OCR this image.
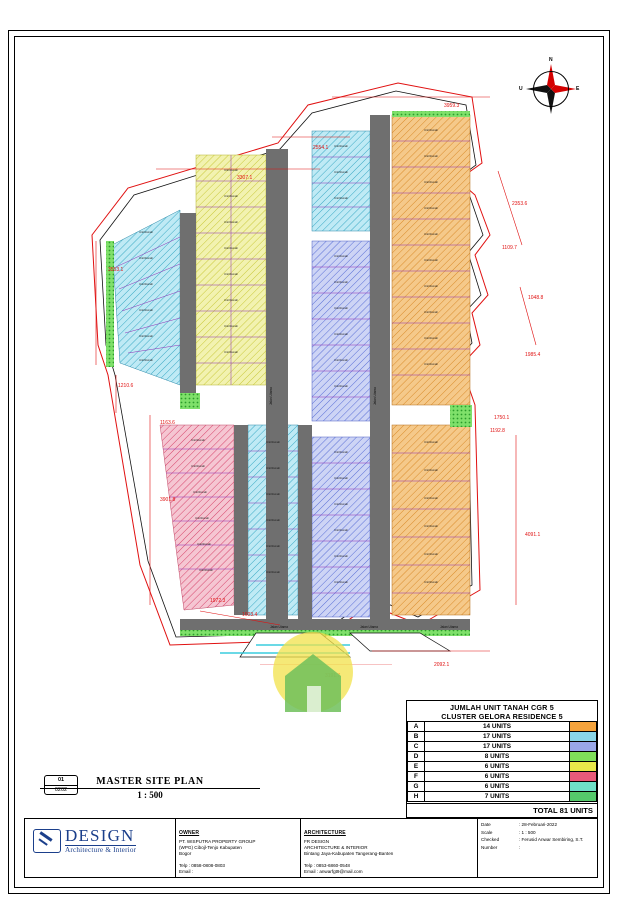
N
U	E
Unit Rumah
Unit Rumah
Unit Rumah
Unit Rumah
Unit Rumah
Unit Rumah
Unit Rumah
Unit Rumah
Unit Rumah
Unit Rumah
Unit Rumah
Unit Rumah
Unit Rumah
Unit Rumah
Unit Rumah
Unit Rumah
Unit Rumah
Unit Rumah
Unit Rumah
Unit Rumah
Unit Rumah
Unit Rumah
Unit Rumah
Unit Rumah
Unit Rumah
Unit Rumah
Unit Rumah
Unit Rumah
Unit Rumah
Unit Rumah
Unit Rumah
Unit Rumah
Unit Rumah
Unit Rumah
Unit Rumah
Unit Rumah
Unit Rumah
Unit Rumah
Unit Rumah
Unit Rumah
Unit Rumah
Unit Rumah
Unit Rumah
Unit Rumah
Unit Rumah
Unit Rumah
Unit Rumah
Unit Rumah
Unit Rumah
Unit Rumah
Unit Rumah
Unit Rumah
Unit Rumah
Unit Rumah
Unit Rumah
Unit Rumah
Unit Rumah
Jalan Utama	Jalan Utama
Jalan Utama	Jalan Utama	Jalan Utama
3959.3
2554.1
3307.1
2353.6
1109.7
1048.8
3553.1
1985.4
1210.6
1163.6
1750.1
1192.8
3901.8
4091.1
1972.3
1603.4
2092.1
JUMLAH UNIT TANAH CGR 5
CLUSTER GELORA RESIDENCE 5
A	14 UNITS	
B	17 UNITS	
C	17 UNITS	
D	8 UNITS	
E	6 UNITS	
F	6 UNITS	
G	6 UNITS	
H	7 UNITS	
TOTAL 81 UNITS
01
0202
MASTER SITE PLAN
1 : 500
DESIGN
Architecture & Interior
OWNER
PT. WISPUTRA PROPERTY GROUP
(WPG) Cibojl-Tenjo Kabupaten
Bogor

Telp : 0858-0808-0803
Email :
ARCHITECTURE
FR DESIGN
ARCHITECTURE & INTERIOR
Bintang Jaya-Kabupaten Tangerang-Banten

Telp : 0853-6860-0548
Email : anwarfgt9@mail.com
Date	: 28-Februari-2022
Scale	: 1 : 500
Checked	: Ferusid Anwar Sembiring, S.T.
Number	:
